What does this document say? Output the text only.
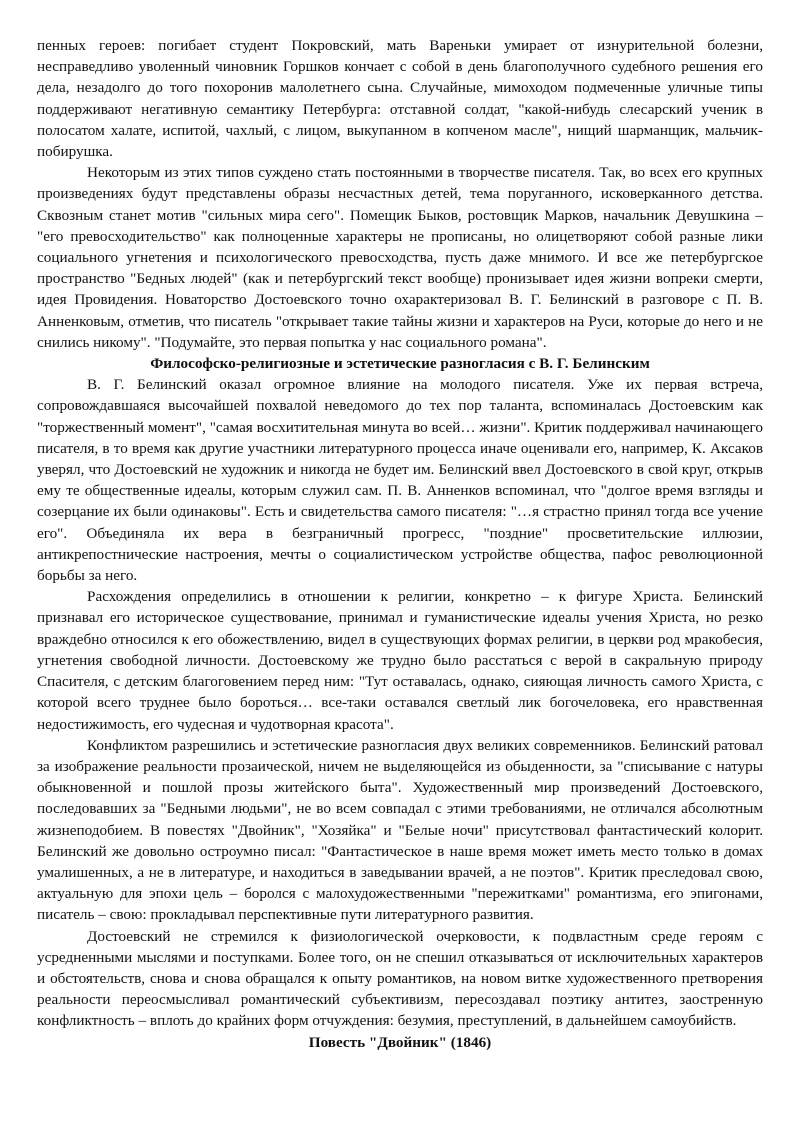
пенных героев: погибает студент Покровский, мать Вареньки умирает от изнурительной болезни, несправедливо уволенный чиновник Горшков кончает с собой в день благополучного судебного решения его дела, незадолго до того похоронив малолетнего сына. Случайные, мимоходом подмеченные уличные типы поддерживают негативную семантику Петербурга: отставной солдат, "какой-нибудь слесарский ученик в полосатом халате, испитой, чахлый, с лицом, выкупанном в копченом масле", нищий шарманщик, мальчик-побирушка.

Некоторым из этих типов суждено стать постоянными в творчестве писателя. Так, во всех его крупных произведениях будут представлены образы несчастных детей, тема поруганного, исковерканного детства. Сквозным станет мотив "сильных мира сего". Помещик Быков, ростовщик Марков, начальник Девушкина – "его превосходительство" как полноценные характеры не прописаны, но олицетворяют собой разные лики социального угнетения и психологического превосходства, пусть даже мнимого. И все же петербургское пространство "Бедных людей" (как и петербургский текст вообще) пронизывает идея жизни вопреки смерти, идея Провидения. Новаторство Достоевского точно охарактеризовал В. Г. Белинский в разговоре с П. В. Анненковым, отметив, что писатель "открывает такие тайны жизни и характеров на Руси, которые до него и не снились никому". "Подумайте, это первая попытка у нас социального романа".

Философско-религиозные и эстетические разногласия с В. Г. Белинским

В. Г. Белинский оказал огромное влияние на молодого писателя. Уже их первая встреча, сопровождавшаяся высочайшей похвалой неведомого до тех пор таланта, вспоминалась Достоевским как "торжественный момент", "самая восхитительная минута во всей… жизни". Критик поддерживал начинающего писателя, в то время как другие участники литературного процесса иначе оценивали его, например, К. Аксаков уверял, что Достоевский не художник и никогда не будет им. Белинский ввел Достоевского в свой круг, открыв ему те общественные идеалы, которым служил сам. П. В. Анненков вспоминал, что "долгое время взгляды и созерцание их были одинаковы". Есть и свидетельства самого писателя: "…я страстно принял тогда все учение его". Объединяла их вера в безграничный прогресс, "поздние" просветительские иллюзии, антикрепостнические настроения, мечты о социалистическом устройстве общества, пафос революционной борьбы за него.

Расхождения определились в отношении к религии, конкретно – к фигуре Христа. Белинский признавал его историческое существование, принимал и гуманистические идеалы учения Христа, но резко враждебно относился к его обожествлению, видел в существующих формах религии, в церкви род мракобесия, угнетения свободной личности. Достоевскому же трудно было расстаться с верой в сакральную природу Спасителя, с детским благоговением перед ним: "Тут оставалась, однако, сияющая личность самого Христа, с которой всего труднее было бороться… все-таки оставался светлый лик богочеловека, его нравственная недостижимость, его чудесная и чудотворная красота".

Конфликтом разрешились и эстетические разногласия двух великих современников. Белинский ратовал за изображение реальности прозаической, ничем не выделяющейся из обыденности, за "списывание с натуры обыкновенной и пошлой прозы житейского быта". Художественный мир произведений Достоевского, последовавших за "Бедными людьми", не во всем совпадал с этими требованиями, не отличался абсолютным жизнеподобием. В повестях "Двойник", "Хозяйка" и "Белые ночи" присутствовал фантастический колорит. Белинский же довольно остроумно писал: "Фантастическое в наше время может иметь место только в домах умалишенных, а не в литературе, и находиться в заведывании врачей, а не поэтов". Критик преследовал свою, актуальную для эпохи цель – боролся с малохудожественными "пережитками" романтизма, его эпигонами, писатель – свою: прокладывал перспективные пути литературного развития.

Достоевский не стремился к физиологической очерковости, к подвластным среде героям с усредненными мыслями и поступками. Более того, он не спешил отказываться от исключительных характеров и обстоятельств, снова и снова обращался к опыту романтиков, на новом витке художественного претворения реальности переосмысливал романтический субъективизм, пересоздавал поэтику антитез, заостренную конфликтность – вплоть до крайних форм отчуждения: безумия, преступлений, в дальнейшем самоубийств.

Повесть "Двойник" (1846)
